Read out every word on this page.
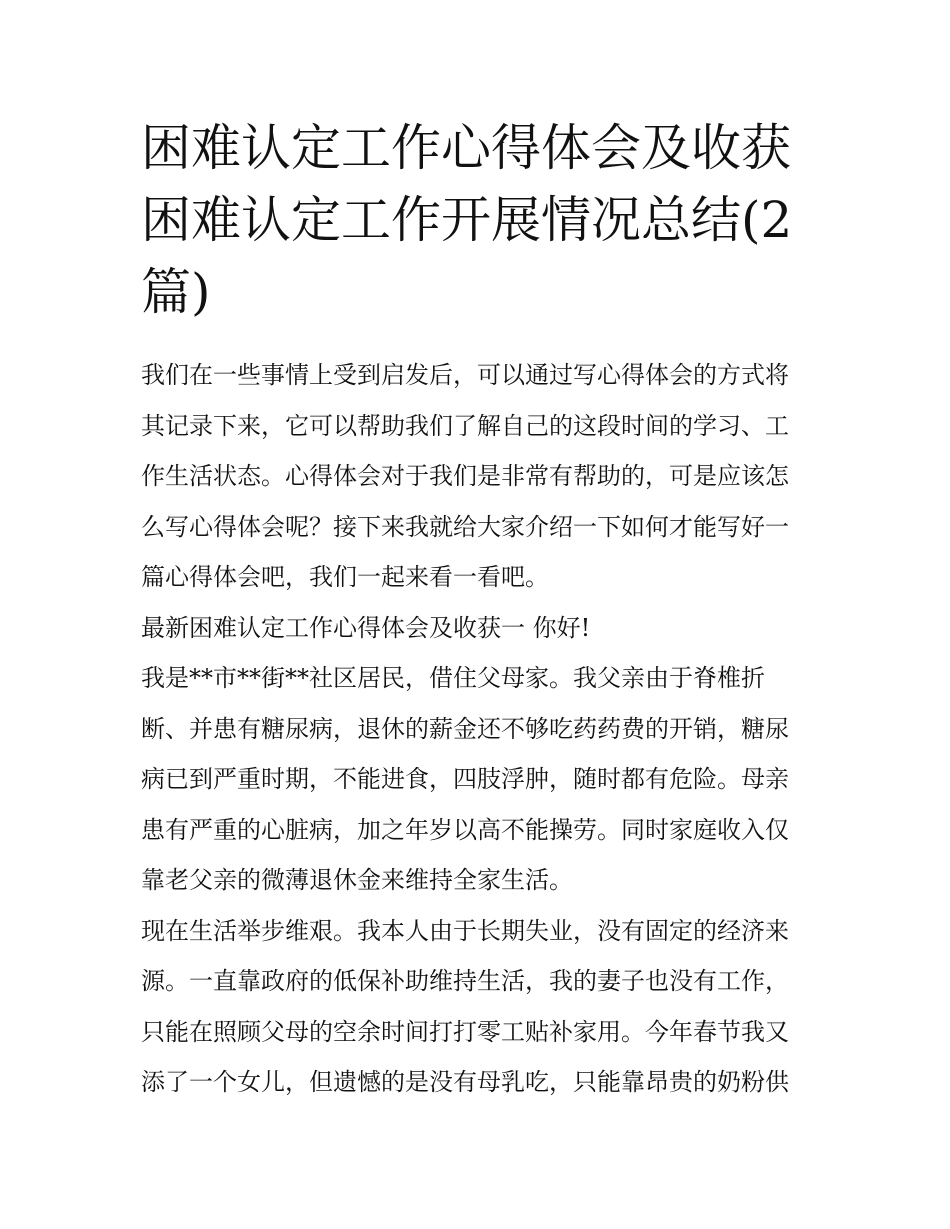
困难认定工作心得体会及收获
困难认定工作开展情况总结(2
篇)

我们在一些事情上受到启发后，可以通过写心得体会的方式将
其记录下来，它可以帮助我们了解自己的这段时间的学习、工
作生活状态。心得体会对于我们是非常有帮助的，可是应该怎
么写心得体会呢？接下来我就给大家介绍一下如何才能写好一
篇心得体会吧，我们一起来看一看吧。

最新困难认定工作心得体会及收获一 你好!

我是**市**街**社区居民，借住父母家。我父亲由于脊椎折
断、并患有糖尿病，退休的薪金还不够吃药药费的开销，糖尿
病已到严重时期，不能进食，四肢浮肿，随时都有危险。母亲
患有严重的心脏病，加之年岁以高不能操劳。同时家庭收入仅
靠老父亲的微薄退休金来维持全家生活。

现在生活举步维艰。我本人由于长期失业，没有固定的经济来
源。一直靠政府的低保补助维持生活，我的妻子也没有工作，
只能在照顾父母的空余时间打打零工贴补家用。今年春节我又
添了一个女儿，但遗憾的是没有母乳吃，只能靠昂贵的奶粉供
